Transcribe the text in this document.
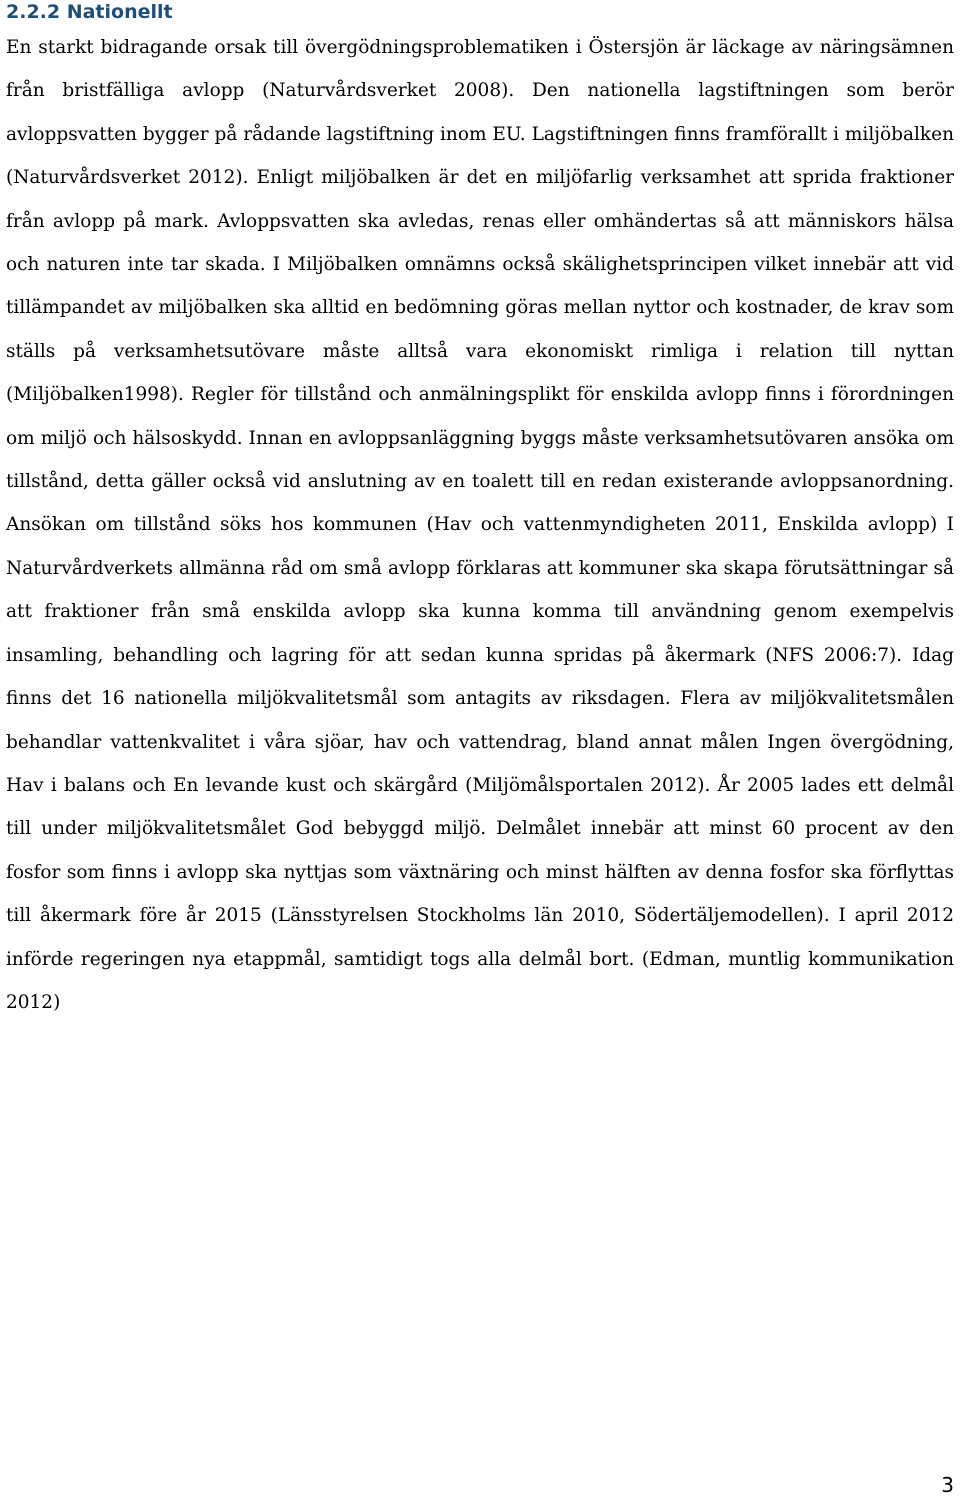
2.2.2 Nationellt

En starkt bidragande orsak till övergödningsproblematiken i Östersjön är läckage av näringsämnen från bristfälliga avlopp (Naturvårdsverket 2008). Den nationella lagstiftningen som berör avloppsvatten bygger på rådande lagstiftning inom EU. Lagstiftningen finns framförallt i miljöbalken (Naturvårdsverket 2012). Enligt miljöbalken är det en miljöfarlig verksamhet att sprida fraktioner från avlopp på mark. Avloppsvatten ska avledas, renas eller omhändertas så att människors hälsa och naturen inte tar skada. I Miljöbalken omnämns också skälighetsprincipen vilket innebär att vid tillämpandet av miljöbalken ska alltid en bedömning göras mellan nyttor och kostnader, de krav som ställs på verksamhetsutövare måste alltså vara ekonomiskt rimliga i relation till nyttan (Miljöbalken1998). Regler för tillstånd och anmälningsplikt för enskilda avlopp finns i förordningen om miljö och hälsoskydd. Innan en avloppsanläggning byggs måste verksamhetsutövaren ansöka om tillstånd, detta gäller också vid anslutning av en toalett till en redan existerande avloppsanordning. Ansökan om tillstånd söks hos kommunen (Hav och vattenmyndigheten 2011, Enskilda avlopp) I Naturvårdverkets allmänna råd om små avlopp förklaras att kommuner ska skapa förutsättningar så att fraktioner från små enskilda avlopp ska kunna komma till användning genom exempelvis insamling, behandling och lagring för att sedan kunna spridas på åkermark (NFS 2006:7). Idag finns det 16 nationella miljökvalitetsmål som antagits av riksdagen. Flera av miljökvalitetsmålen behandlar vattenkvalitet i våra sjöar, hav och vattendrag, bland annat målen Ingen övergödning, Hav i balans och En levande kust och skärgård (Miljömålsportalen 2012). År 2005 lades ett delmål till under miljökvalitetsmålet God bebyggd miljö. Delmålet innebär att minst 60 procent av den fosfor som finns i avlopp ska nyttjas som växtnäring och minst hälften av denna fosfor ska förflyttas till åkermark före år 2015 (Länsstyrelsen Stockholms län 2010, Södertäljemodellen). I april 2012 införde regeringen nya etappmål, samtidigt togs alla delmål bort. (Edman, muntlig kommunikation 2012)

3
